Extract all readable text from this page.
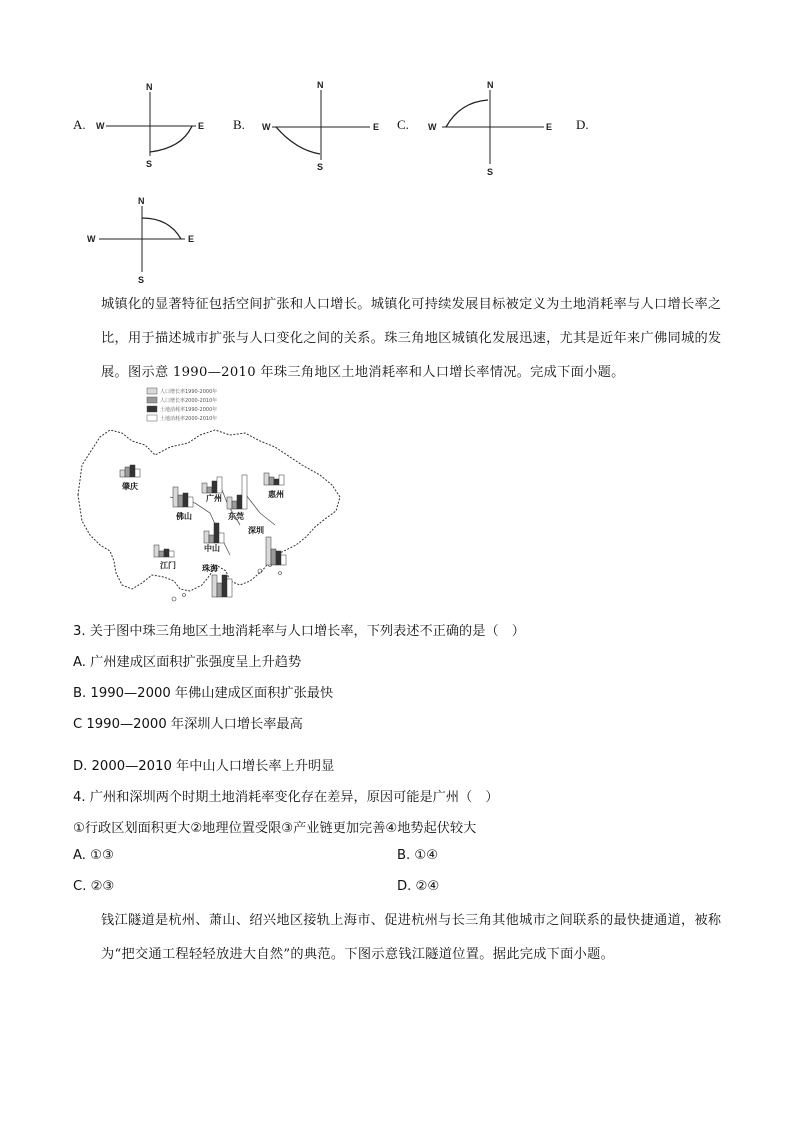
A.
N
S
W	E B.
N
S
W	E C.
N
S
W	E D.
N
S
W	E
城镇化的显著特征包括空间扩张和人口增长。城镇化可持续发展目标被定义为土地消耗率与人口增长率之比，用于描述城市扩张与人口变化之间的关系。珠三角地区城镇化发展迅速，尤其是近年来广佛同城的发展。图示意 1990—2010 年珠三角地区土地消耗率和人口增长率情况。完成下面小题。
人口增长率1990-2000年
人口增长率2000-2010年
土地消耗率1990-2000年
土地消耗率2000-2010年
肇庆
佛山
广州
东莞
惠州
深圳
中山
江门	珠海
3. 关于图中珠三角地区土地消耗率与人口增长率，下列表述不正确的是（　）
A. 广州建成区面积扩张强度呈上升趋势
B. 1990—2000 年佛山建成区面积扩张最快
C 1990—2000 年深圳人口增长率最高
D. 2000—2010 年中山人口增长率上升明显
4. 广州和深圳两个时期土地消耗率变化存在差异，原因可能是广州（　）
①行政区划面积更大②地理位置受限③产业链更加完善④地势起伏较大
A. ①③	B. ①④
C. ②③	D. ②④
钱江隧道是杭州、萧山、绍兴地区接轨上海市、促进杭州与长三角其他城市之间联系的最快捷通道，被称为“把交通工程轻轻放进大自然”的典范。下图示意钱江隧道位置。据此完成下面小题。
